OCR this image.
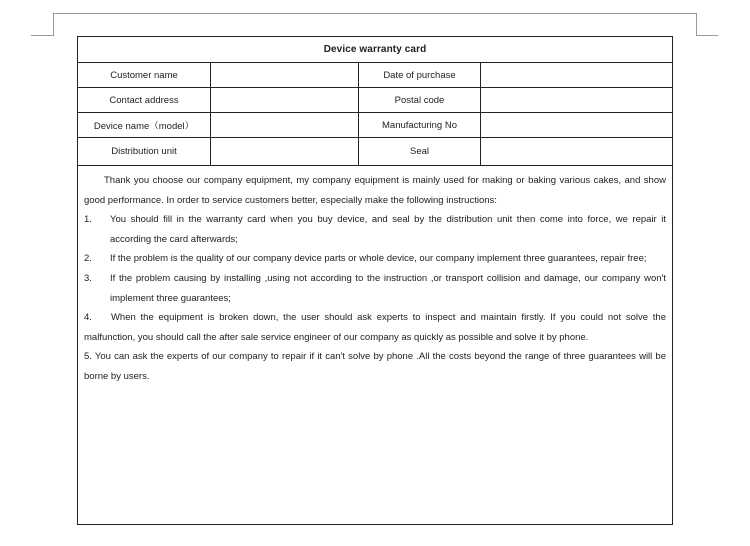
Device warranty card
Customer name	Date of purchase
Contact address	Postal code
Device name（model）	Manufacturing No
Distribution unit	Seal

Thank you choose our company equipment, my company equipment is mainly used for making or baking various cakes, and show good performance. In order to service customers better, especially make the following instructions:

1.	You should fill in the warranty card when you buy device, and seal by the distribution unit then come into force, we repair it according the card afterwards;
2.	If the problem is the quality of our company device parts or whole device, our company implement three guarantees, repair free;
3.	If the problem causing by installing ,using not according to the instruction ,or transport collision and damage, our company won't implement three guarantees;

4.    When the equipment is broken down, the user should ask experts to inspect and maintain firstly. If you could not solve the malfunction, you should call the after sale service engineer of our company as quickly as possible and solve it by phone.

5. You can ask the experts of our company to repair if it can't solve by phone .All the costs beyond the range of three guarantees will be borne by users.
